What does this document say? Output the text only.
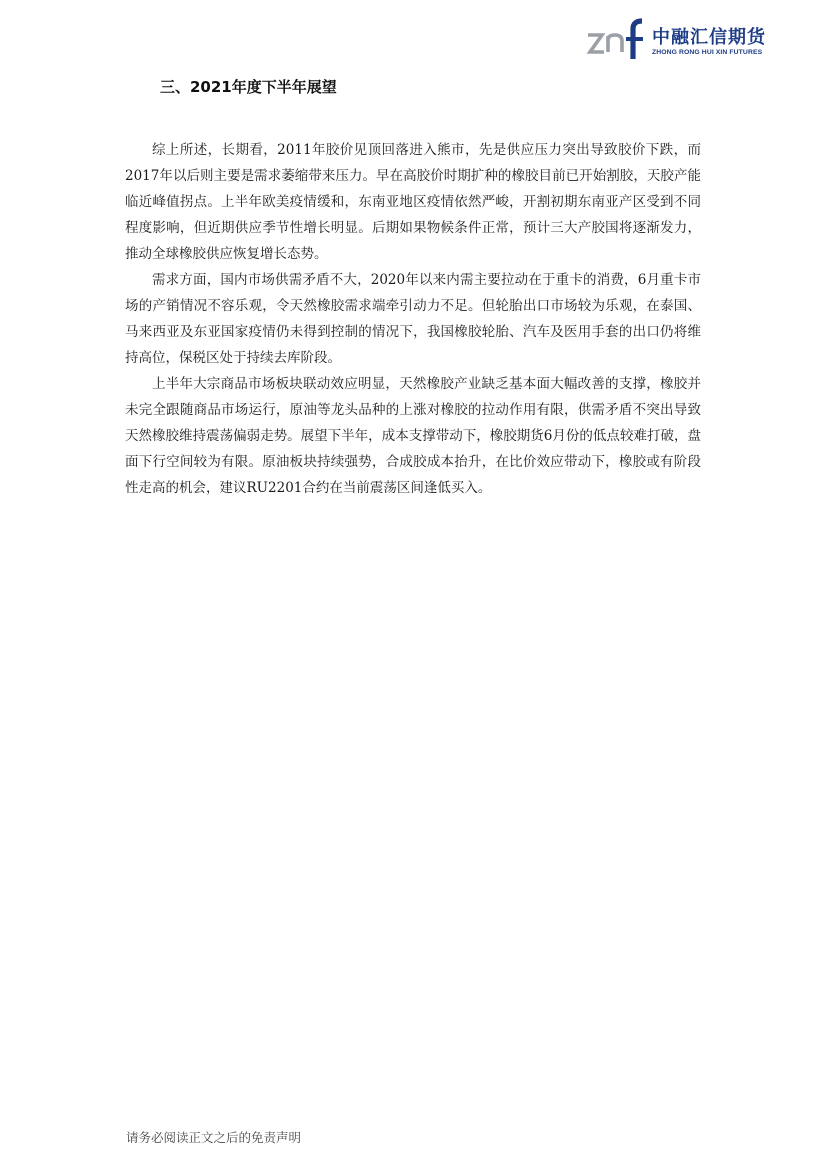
中融汇信期货
ZHONG RONG HUI XIN FUTURES
三、2021年度下半年展望

综上所述，长期看，2011年胶价见顶回落进入熊市，先是供应压力突出导致胶价下跌，而2017年以后则主要是需求萎缩带来压力。早在高胶价时期扩种的橡胶目前已开始割胶，天胶产能临近峰值拐点。上半年欧美疫情缓和，东南亚地区疫情依然严峻，开割初期东南亚产区受到不同程度影响，但近期供应季节性增长明显。后期如果物候条件正常，预计三大产胶国将逐渐发力，推动全球橡胶供应恢复增长态势。

需求方面，国内市场供需矛盾不大，2020年以来内需主要拉动在于重卡的消费，6月重卡市场的产销情况不容乐观，令天然橡胶需求端牵引动力不足。但轮胎出口市场较为乐观，在泰国、马来西亚及东亚国家疫情仍未得到控制的情况下，我国橡胶轮胎、汽车及医用手套的出口仍将维持高位，保税区处于持续去库阶段。

上半年大宗商品市场板块联动效应明显，天然橡胶产业缺乏基本面大幅改善的支撑，橡胶并未完全跟随商品市场运行，原油等龙头品种的上涨对橡胶的拉动作用有限，供需矛盾不突出导致天然橡胶维持震荡偏弱走势。展望下半年，成本支撑带动下，橡胶期货6月份的低点较难打破，盘面下行空间较为有限。原油板块持续强势，合成胶成本抬升，在比价效应带动下，橡胶或有阶段性走高的机会，建议RU2201合约在当前震荡区间逢低买入。

请务必阅读正文之后的免责声明
